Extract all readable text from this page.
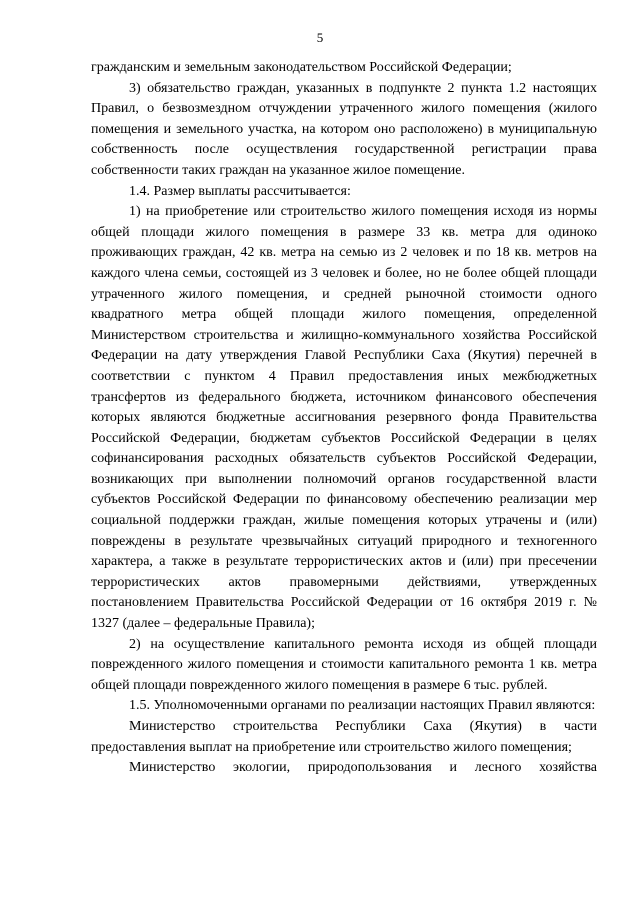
5

гражданским и земельным законодательством Российской Федерации;

3) обязательство граждан, указанных в подпункте 2 пункта 1.2 настоящих Правил, о безвозмездном отчуждении утраченного жилого помещения (жилого помещения и земельного участка, на котором оно расположено) в муниципальную собственность после осуществления государственной регистрации права собственности таких граждан на указанное жилое помещение.

1.4. Размер выплаты рассчитывается:

1) на приобретение или строительство жилого помещения исходя из нормы общей площади жилого помещения в размере 33 кв. метра для одиноко проживающих граждан, 42 кв. метра на семью из 2 человек и по 18 кв. метров на каждого члена семьи, состоящей из 3 человек и более, но не более общей площади утраченного жилого помещения, и средней рыночной стоимости одного квадратного метра общей площади жилого помещения, определенной Министерством строительства и жилищно-коммунального хозяйства Российской Федерации на дату утверждения Главой Республики Саха (Якутия) перечней в соответствии с пунктом 4 Правил предоставления иных межбюджетных трансфертов из федерального бюджета, источником финансового обеспечения которых являются бюджетные ассигнования резервного фонда Правительства Российской Федерации, бюджетам субъектов Российской Федерации в целях софинансирования расходных обязательств субъектов Российской Федерации, возникающих при выполнении полномочий органов государственной власти субъектов Российской Федерации по финансовому обеспечению реализации мер социальной поддержки граждан, жилые помещения которых утрачены и (или) повреждены в результате чрезвычайных ситуаций природного и техногенного характера, а также в результате террористических актов и (или) при пресечении террористических актов правомерными действиями, утвержденных постановлением Правительства Российской Федерации от 16 октября 2019 г. № 1327 (далее – федеральные Правила);

2) на осуществление капитального ремонта исходя из общей площади поврежденного жилого помещения и стоимости капитального ремонта 1 кв. метра общей площади поврежденного жилого помещения в размере 6 тыс. рублей.

1.5. Уполномоченными органами по реализации настоящих Правил являются:

Министерство строительства Республики Саха (Якутия) в части предоставления выплат на приобретение или строительство жилого помещения;

Министерство экологии, природопользования и лесного хозяйства
